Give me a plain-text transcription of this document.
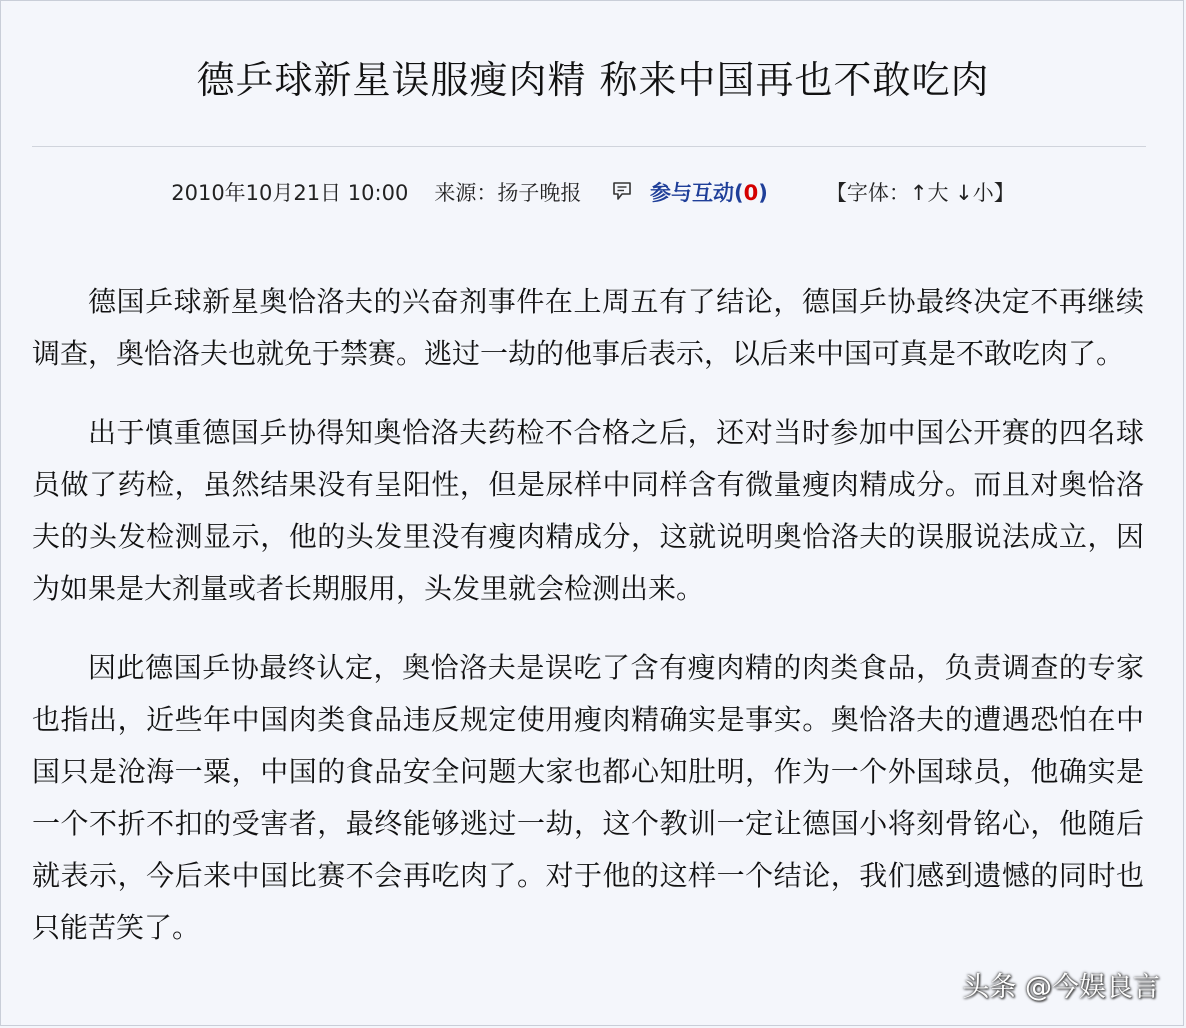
德乒球新星误服瘦肉精 称来中国再也不敢吃肉
2010年10月21日 10:00 来源：扬子晚报	参与互动(0)	【字体：↑大 ↓小】

德国乒球新星奥恰洛夫的兴奋剂事件在上周五有了结论，德国乒协最终决定不再继续调查，奥恰洛夫也就免于禁赛。逃过一劫的他事后表示，以后来中国可真是不敢吃肉了。

出于慎重德国乒协得知奥恰洛夫药检不合格之后，还对当时参加中国公开赛的四名球员做了药检，虽然结果没有呈阳性，但是尿样中同样含有微量瘦肉精成分。而且对奥恰洛夫的头发检测显示，他的头发里没有瘦肉精成分，这就说明奥恰洛夫的误服说法成立，因为如果是大剂量或者长期服用，头发里就会检测出来。

因此德国乒协最终认定，奥恰洛夫是误吃了含有瘦肉精的肉类食品，负责调查的专家也指出，近些年中国肉类食品违反规定使用瘦肉精确实是事实。奥恰洛夫的遭遇恐怕在中国只是沧海一粟，中国的食品安全问题大家也都心知肚明，作为一个外国球员，他确实是一个不折不扣的受害者，最终能够逃过一劫，这个教训一定让德国小将刻骨铭心，他随后就表示，今后来中国比赛不会再吃肉了。对于他的这样一个结论，我们感到遗憾的同时也只能苦笑了。

头条 @今娱良言
